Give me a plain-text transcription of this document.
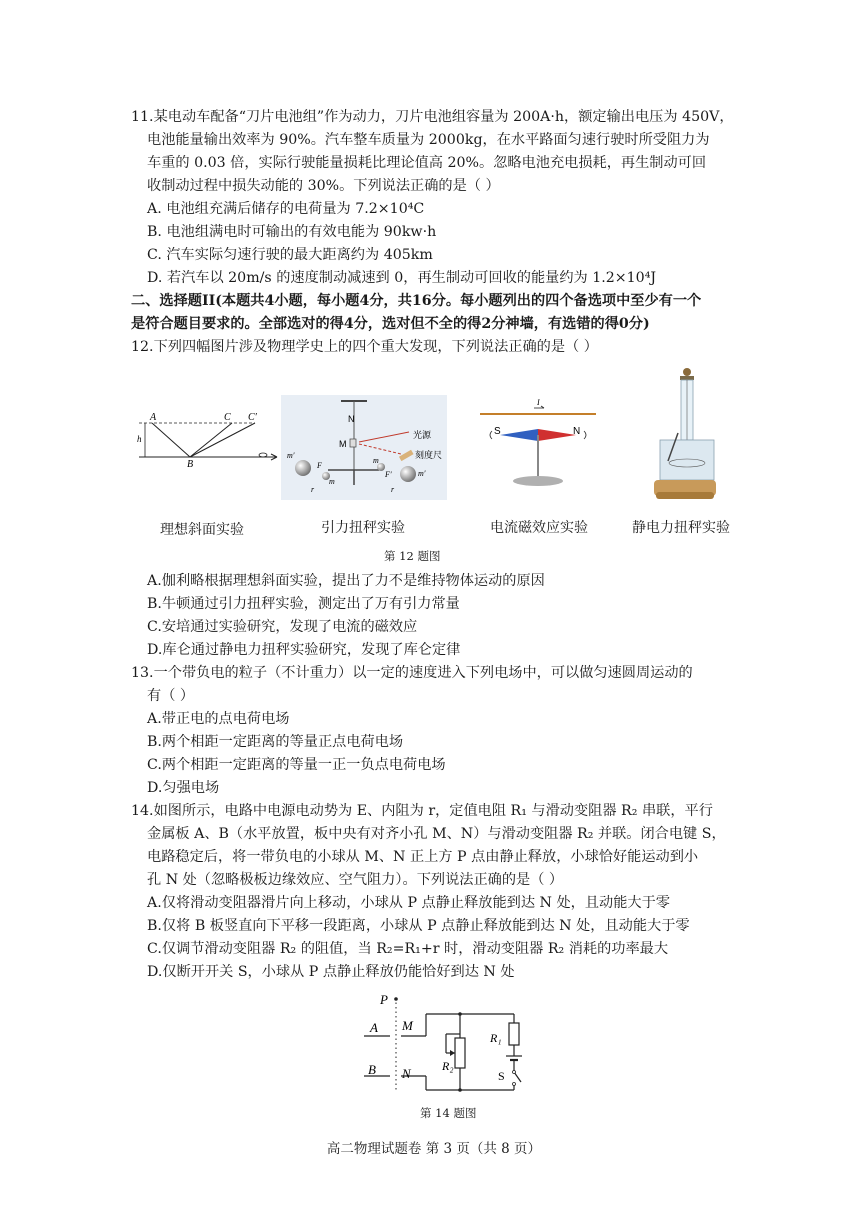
11.某电动车配备“刀片电池组”作为动力，刀片电池组容量为 200A·h，额定输出电压为 450V，
电池能量输出效率为 90%。汽车整车质量为 2000kg，在水平路面匀速行驶时所受阻力为
车重的 0.03 倍，实际行驶能量损耗比理论值高 20%。忽略电池充电损耗，再生制动可回
收制动过程中损失动能的 30%。下列说法正确的是（ ）
A. 电池组充满后储存的电荷量为 7.2×10⁴C
B. 电池组满电时可输出的有效电能为 90kw·h
C. 汽车实际匀速行驶的最大距离约为 405km
D. 若汽车以 20m/s 的速度制动减速到 0，再生制动可回收的能量约为 1.2×10⁴J
二、选择题II(本题共4小题，每小题4分，共16分。每小题列出的四个备选项中至少有一个
是符合题目要求的。全部选对的得4分，选对但不全的得2分神墙，有选错的得0分)
12.下列四幅图片涉及物理学史上的四个重大发现，下列说法正确的是（ ）
A	C C′
h
B
N
M
光源
刻度尺
m′
F
m
r
m
F′	m′
r
I
S	N
理想斜面实验	引力扭秤实验	电流磁效应实验	静电力扭秤实验
第 12 题图
A.伽利略根据理想斜面实验，提出了力不是维持物体运动的原因
B.牛顿通过引力扭秤实验，测定出了万有引力常量
C.安培通过实验研究，发现了电流的磁效应
D.库仑通过静电力扭秤实验研究，发现了库仑定律
13.一个带负电的粒子（不计重力）以一定的速度进入下列电场中，可以做匀速圆周运动的
有（ ）
A.带正电的点电荷电场
B.两个相距一定距离的等量正点电荷电场
C.两个相距一定距离的等量一正一负点电荷电场
D.匀强电场
14.如图所示，电路中电源电动势为 E、内阻为 r，定值电阻 R₁ 与滑动变阻器 R₂ 串联，平行
金属板 A、B（水平放置，板中央有对齐小孔 M、N）与滑动变阻器 R₂ 并联。闭合电键 S，
电路稳定后，将一带负电的小球从 M、N 正上方 P 点由静止释放，小球恰好能运动到小
孔 N 处（忽略极板边缘效应、空气阻力）。下列说法正确的是（ ）
A.仅将滑动变阻器滑片向上移动，小球从 P 点静止释放能到达 N 处，且动能大于零
B.仅将 B 板竖直向下平移一段距离，小球从 P 点静止释放能到达 N 处，且动能大于零
C.仅调节滑动变阻器 R₂ 的阻值，当 R₂=R₁+r 时，滑动变阻器 R₂ 消耗的功率最大
D.仅断开开关 S，小球从 P 点静止释放仍能恰好到达 N 处
P
A M
B N
R₁
R₂
S
第 14 题图
高二物理试题卷 第 3 页（共 8 页）
